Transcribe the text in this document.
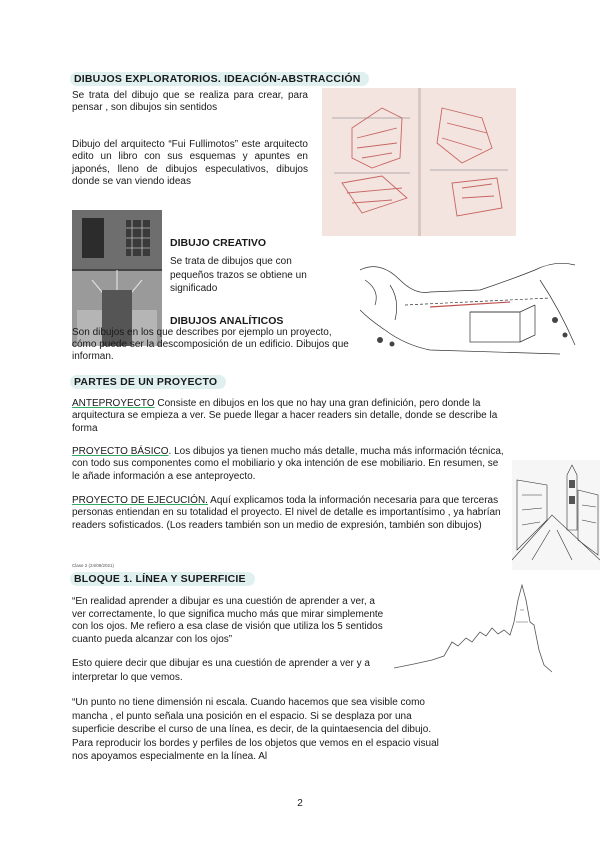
DIBUJOS EXPLORATORIOS. IDEACIÓN-ABSTRACCIÓN
Se trata del dibujo que se realiza para crear, para pensar , son dibujos sin sentidos
Dibujo del arquitecto “Fui Fullimotos” este arquitecto edito un libro con sus esquemas y apuntes en japonés, lleno de dibujos especulativos, dibujos donde se van viendo ideas
DIBUJO CREATIVO
Se trata de dibujos que con pequeños trazos se obtiene un significado
DIBUJOS ANALÍTICOS
Son dibujos en los que describes por ejemplo un proyecto, cómo puede ser la descomposición de un edificio. Dibujos que informan.
PARTES DE UN PROYECTO
ANTEPROYECTO Consiste en dibujos en los que no hay una gran definición, pero donde la arquitectura se empieza a ver. Se puede llegar a hacer readers sin detalle, donde se describe la forma
PROYECTO BÁSICO. Los dibujos ya tienen mucho más detalle, mucha más información técnica, con todo sus componentes como el mobiliario y oka intención de ese mobiliario. En resumen, se le añade información a ese anteproyecto.
PROYECTO DE EJECUCIÓN. Aquí explicamos toda la información necesaria para que terceras personas entiendan en su totalidad el proyecto. El nivel de detalle es importantísimo , ya habrían readers sofisticados. (Los readers también son un medio de expresión, también son dibujos)
Clase 2 (24/09/2021)
BLOQUE 1. LÍNEA Y SUPERFICIE
“En realidad aprender a dibujar es una cuestión de aprender a ver, a ver correctamente, lo que significa mucho más que mirar simplemente con los ojos. Me refiero a esa clase de visión que utiliza los 5 sentidos cuanto pueda alcanzar con los ojos”
Esto quiere decir que dibujar es una cuestión de aprender a ver y a interpretar lo que vemos.
“Un punto no tiene dimensión ni escala. Cuando hacemos que sea visible como mancha , el punto señala una posición en el espacio. Si se desplaza por una superficie describe el curso de una línea, es decir, de la quintaesencia del dibujo. Para reproducir los bordes y perfiles de los objetos que vemos en el espacio visual nos apoyamos especialmente en la línea. Al
2
